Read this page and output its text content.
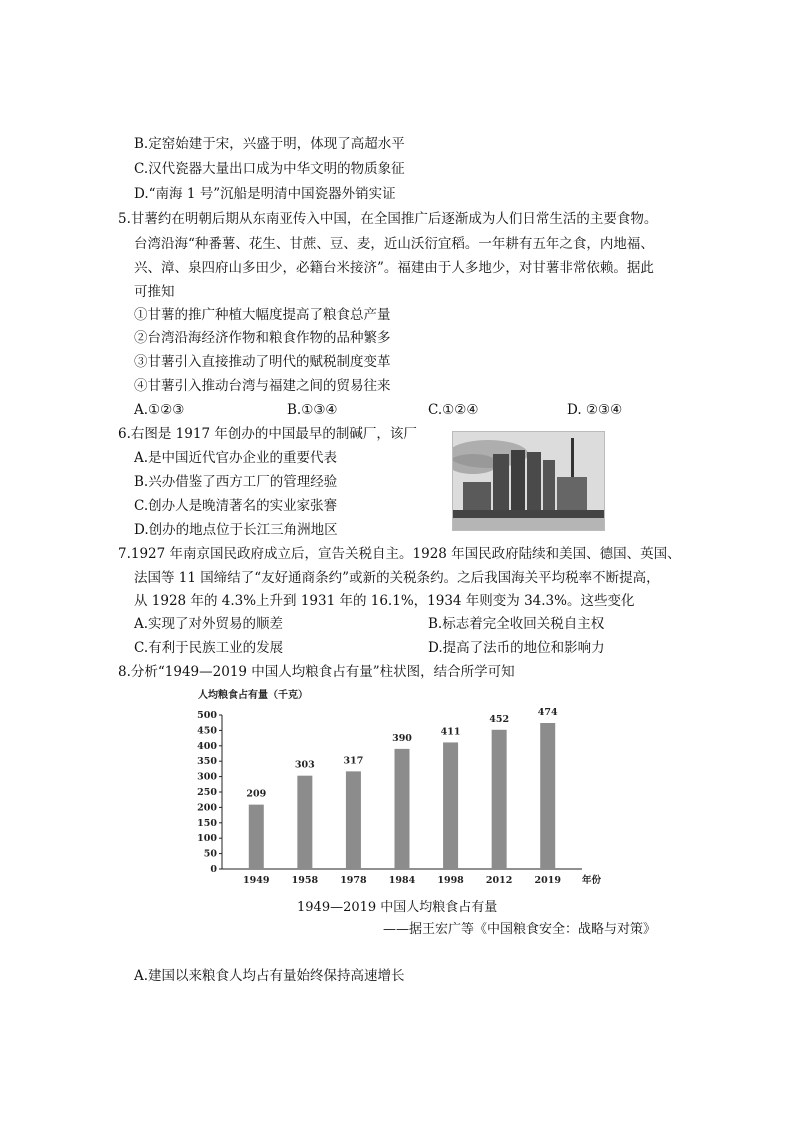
B.定窑始建于宋，兴盛于明，体现了高超水平
C.汉代瓷器大量出口成为中华文明的物质象征
D.“南海 1 号”沉船是明清中国瓷器外销实证
5.甘薯约在明朝后期从东南亚传入中国，在全国推广后逐渐成为人们日常生活的主要食物。
台湾沿海“种番薯、花生、甘蔗、豆、麦，近山沃衍宜稻。一年耕有五年之食，内地福、
兴、漳、泉四府山多田少，必籍台米接济”。福建由于人多地少，对甘薯非常依赖。据此
可推知
①甘薯的推广种植大幅度提高了粮食总产量
②台湾沿海经济作物和粮食作物的品种繁多
③甘薯引入直接推动了明代的赋税制度变革
④甘薯引入推动台湾与福建之间的贸易往来
A.①②③	B.①③④	C.①②④	D. ②③④
6.右图是 1917 年创办的中国最早的制碱厂，该厂
A.是中国近代官办企业的重要代表
B.兴办借鉴了西方工厂的管理经验
C.创办人是晚清著名的实业家张謇
D.创办的地点位于长江三角洲地区
7.1927 年南京国民政府成立后，宣告关税自主。1928 年国民政府陆续和美国、德国、英国、
法国等 11 国缔结了“友好通商条约”或新的关税条约。之后我国海关平均税率不断提高，
从 1928 年的 4.3%上升到 1931 年的 16.1%，1934 年则变为 34.3%。这些变化
A.实现了对外贸易的顺差	B.标志着完全收回关税自主权
C.有利于民族工业的发展	D.提高了法币的地位和影响力
8.分析“1949—2019 中国人均粮食占有量”柱状图，结合所学可知
人均粮食占有量（千克）
年份
0
50
100
150
200
250
300
350
400
450
500
209
1949
303
1958
317
1978
390
1984
411
1998
452
2012
474
2019
1949—2019 中国人均粮食占有量
——据王宏广等《中国粮食安全：战略与对策》
A.建国以来粮食人均占有量始终保持高速增长
